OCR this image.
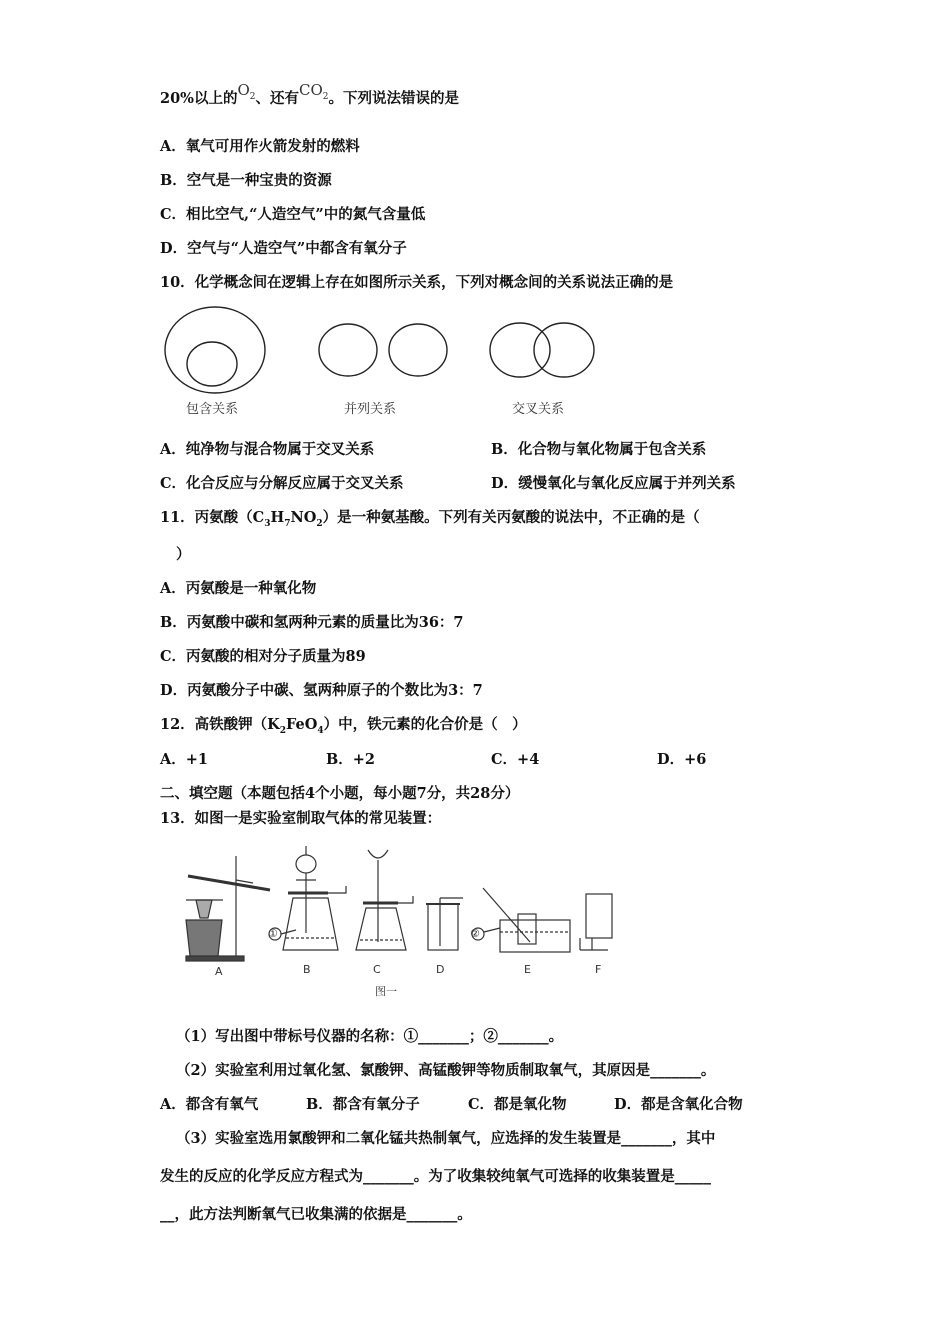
20%以上的$O_2$、还有$CO_2$。下列说法错误的是
A．氧气可用作火箭发射的燃料
B．空气是一种宝贵的资源
C．相比空气,“人造空气”中的氮气含量低
D．空气与“人造空气”中都含有氧分子
10．化学概念间在逻辑上存在如图所示关系，下列对概念间的关系说法正确的是
包含关系	并列关系	交叉关系
A．纯净物与混合物属于交叉关系	B．化合物与氧化物属于包含关系
C．化合反应与分解反应属于交叉关系	D．缓慢氧化与氧化反应属于并列关系
11．丙氨酸$(C_3H_7NO_2)$是一种氨基酸。下列有关丙氨酸的说法中，不正确的是（
）
A．丙氨酸是一种氧化物
B．丙氨酸中碳和氢两种元素的质量比为36：7
C．丙氨酸的相对分子质量为89
D．丙氨酸分子中碳、氢两种原子的个数比为3：7
12．高铁酸钾$(K_2FeO_4)$中，铁元素的化合价是（　）
A．+1	B．+2	C．+4	D．+6
二、填空题（本题包括4个小题，每小题7分，共28分）
13．如图一是实验室制取气体的常见装置：
①	②
A	B	C	D	E	F
图一
（1）写出图中带标号仪器的名称：①_______；②_______。
（2）实验室利用过氧化氢、氯酸钾、高锰酸钾等物质制取氧气，其原因是_______。
A．都含有氧气	B．都含有氧分子	C．都是氧化物	D．都是含氧化合物
（3）实验室选用氯酸钾和二氧化锰共热制氧气，应选择的发生装置是_______，其中
发生的反应的化学反应方程式为_______。为了收集较纯氧气可选择的收集装置是_____
__，此方法判断氧气已收集满的依据是_______。
